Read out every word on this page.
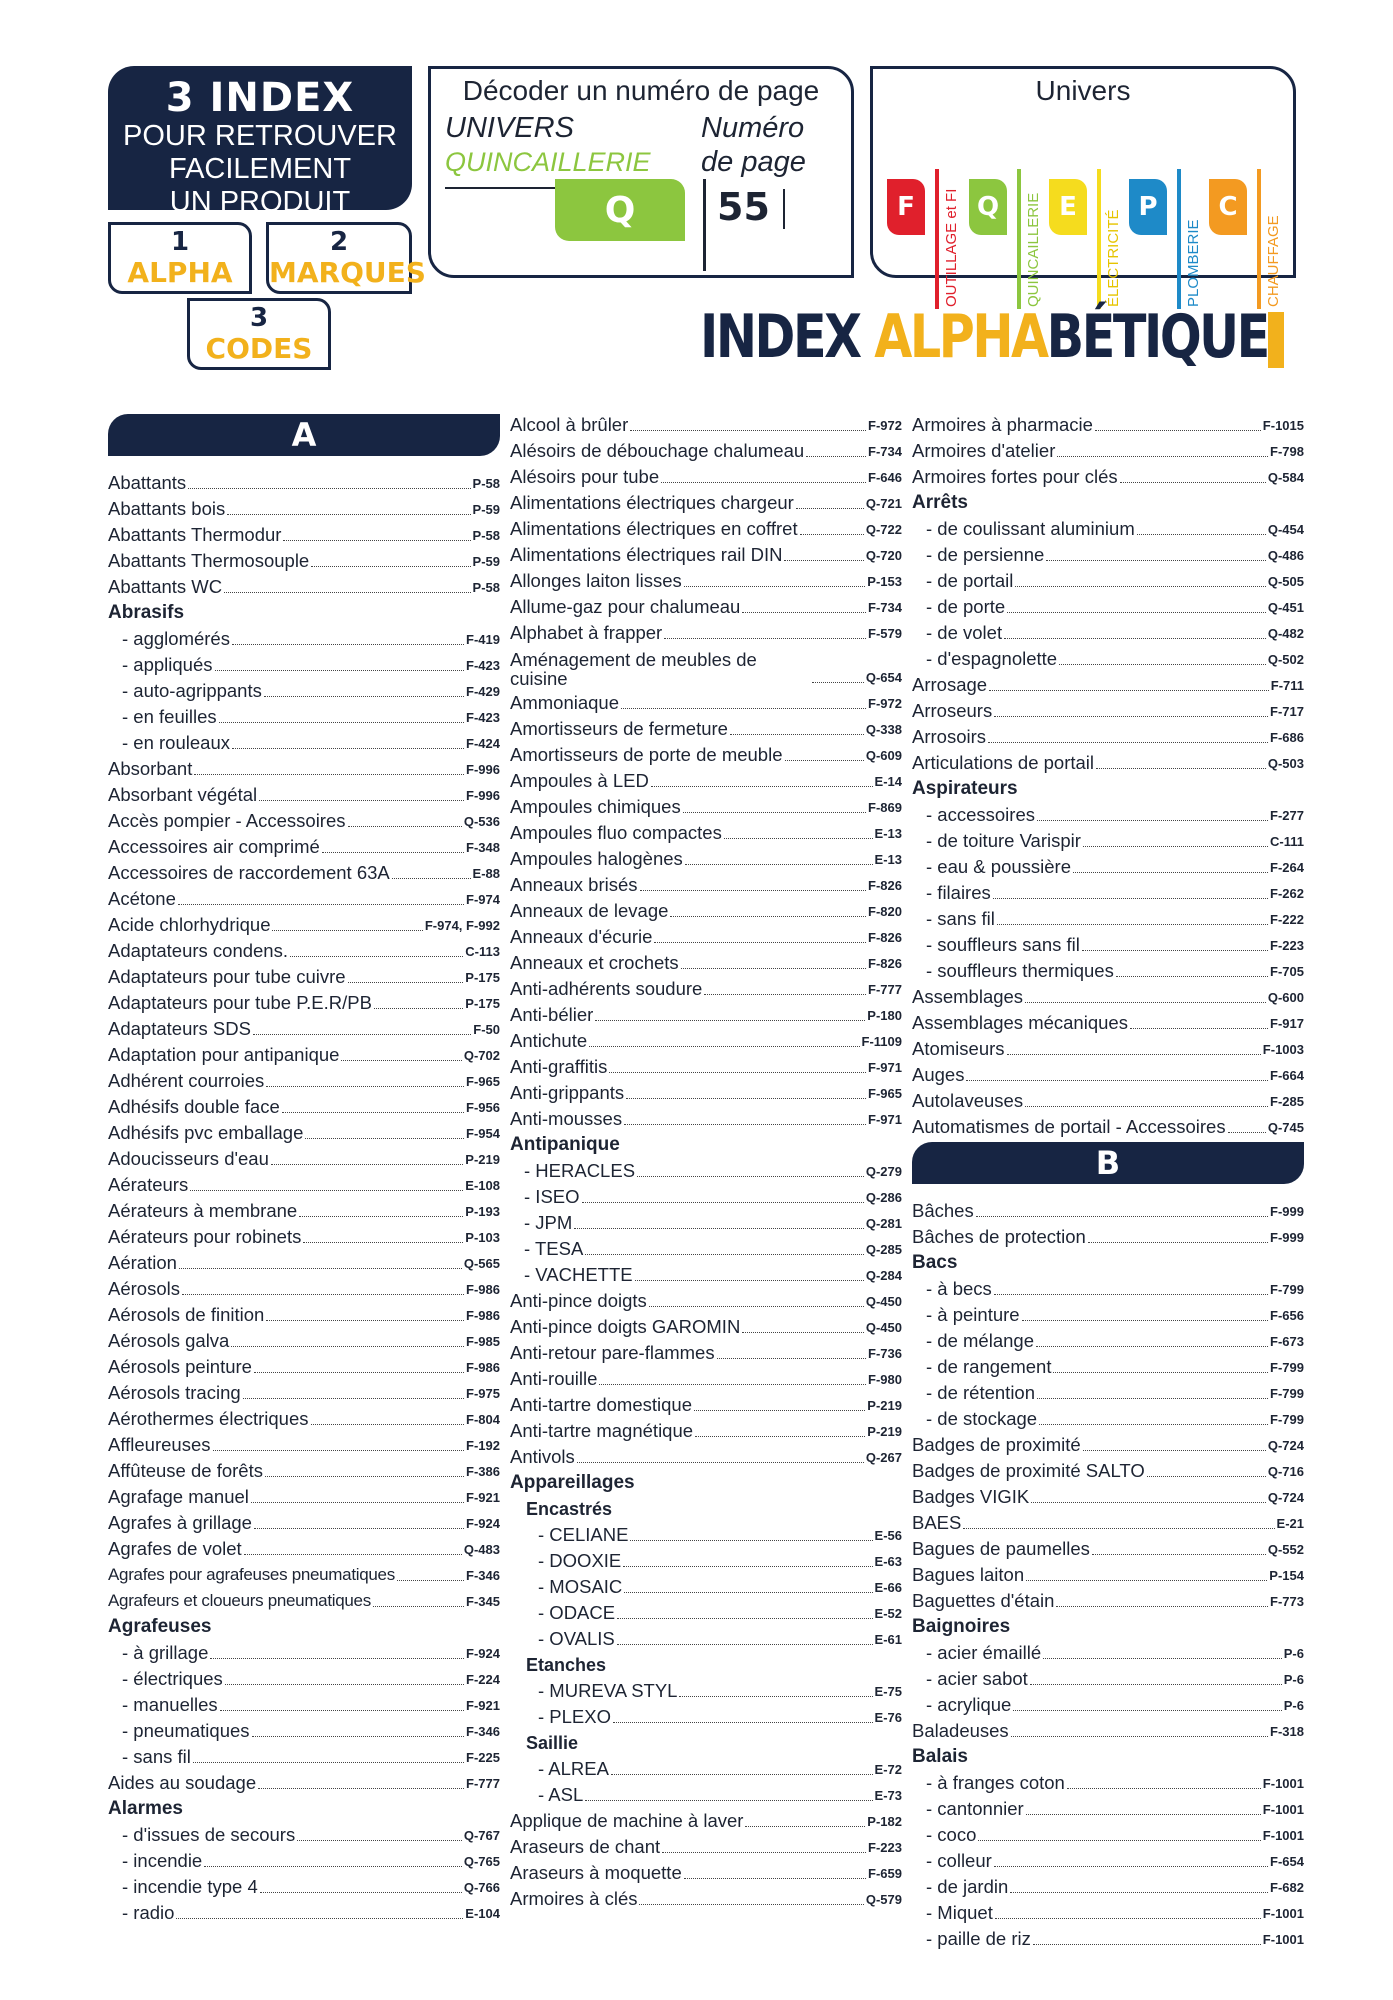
3 INDEX
POUR RETROUVER
FACILEMENT
UN PRODUIT
1
ALPHA
2
MARQUES
3
CODES
Décoder un numéro de page
UNIVERS
QUINCAILLERIE
Numéro
de page
Q	55
Univers
F	OUTILLAGE et FI Q	QUINCAILLERIE E
ÉLECTRICITÉ
P
PLOMBERIE
C
CHAUFFAGE
INDEX ALPHABÉTIQUE
A
Abattants	P-58
Abattants bois	P-59
Abattants Thermodur	P-58
Abattants Thermosouple	P-59
Abattants WC	P-58
Abrasifs
- agglomérés	F-419
- appliqués	F-423
- auto-agrippants	F-429
- en feuilles	F-423
- en rouleaux	F-424
Absorbant	F-996
Absorbant végétal	F-996
Accès pompier - Accessoires	Q-536
Accessoires air comprimé	F-348
Accessoires de raccordement 63A	E-88
Acétone	F-974
Acide chlorhydrique	F-974, F-992
Adaptateurs condens.	C-113
Adaptateurs pour tube cuivre	P-175
Adaptateurs pour tube P.E.R/PB	P-175
Adaptateurs SDS	F-50
Adaptation pour antipanique	Q-702
Adhérent courroies	F-965
Adhésifs double face	F-956
Adhésifs pvc emballage	F-954
Adoucisseurs d'eau	P-219
Aérateurs	E-108
Aérateurs à membrane	P-193
Aérateurs pour robinets	P-103
Aération	Q-565
Aérosols	F-986
Aérosols de finition	F-986
Aérosols galva	F-985
Aérosols peinture	F-986
Aérosols tracing	F-975
Aérothermes électriques	F-804
Affleureuses	F-192
Affûteuse de forêts	F-386
Agrafage manuel	F-921
Agrafes à grillage	F-924
Agrafes de volet	Q-483
Agrafes pour agrafeuses pneumatiques	F-346
Agrafeurs et cloueurs pneumatiques	F-345
Agrafeuses
- à grillage	F-924
- électriques	F-224
- manuelles	F-921
- pneumatiques	F-346
- sans fil	F-225
Aides au soudage	F-777
Alarmes
- d'issues de secours	Q-767
- incendie	Q-765
- incendie type 4	Q-766
- radio	E-104
Alcool à brûler	F-972
Alésoirs de débouchage chalumeau	F-734
Alésoirs pour tube	F-646
Alimentations électriques chargeur	Q-721
Alimentations électriques en coffret	Q-722
Alimentations électriques rail DIN	Q-720
Allonges laiton lisses	P-153
Allume-gaz pour chalumeau	F-734
Alphabet à frapper	F-579
Aménagement de meubles de cuisine	Q-654
Ammoniaque	F-972
Amortisseurs de fermeture	Q-338
Amortisseurs de porte de meuble	Q-609
Ampoules à LED	E-14
Ampoules chimiques	F-869
Ampoules fluo compactes	E-13
Ampoules halogènes	E-13
Anneaux brisés	F-826
Anneaux de levage	F-820
Anneaux d'écurie	F-826
Anneaux et crochets	F-826
Anti-adhérents soudure	F-777
Anti-bélier	P-180
Antichute	F-1109
Anti-graffitis	F-971
Anti-grippants	F-965
Anti-mousses	F-971
Antipanique
- HERACLES	Q-279
- ISEO	Q-286
- JPM	Q-281
- TESA	Q-285
- VACHETTE	Q-284
Anti-pince doigts	Q-450
Anti-pince doigts GAROMIN	Q-450
Anti-retour pare-flammes	F-736
Anti-rouille	F-980
Anti-tartre domestique	P-219
Anti-tartre magnétique	P-219
Antivols	Q-267
Appareillages
Encastrés
- CELIANE	E-56
- DOOXIE	E-63
- MOSAIC	E-66
- ODACE	E-52
- OVALIS	E-61
Etanches
- MUREVA STYL	E-75
- PLEXO	E-76
Saillie
- ALREA	E-72
- ASL	E-73
Applique de machine à laver	P-182
Araseurs de chant	F-223
Araseurs à moquette	F-659
Armoires à clés	Q-579
Armoires à pharmacie	F-1015
Armoires d'atelier	F-798
Armoires fortes pour clés	Q-584
Arrêts
- de coulissant aluminium	Q-454
- de persienne	Q-486
- de portail	Q-505
- de porte	Q-451
- de volet	Q-482
- d'espagnolette	Q-502
Arrosage	F-711
Arroseurs	F-717
Arrosoirs	F-686
Articulations de portail	Q-503
Aspirateurs
- accessoires	F-277
- de toiture Varispir	C-111
- eau & poussière	F-264
- filaires	F-262
- sans fil	F-222
- souffleurs sans fil	F-223
- souffleurs thermiques	F-705
Assemblages	Q-600
Assemblages mécaniques	F-917
Atomiseurs	F-1003
Auges	F-664
Autolaveuses	F-285
Automatismes de portail - Accessoires	Q-745
B
Bâches	F-999
Bâches de protection	F-999
Bacs
- à becs	F-799
- à peinture	F-656
- de mélange	F-673
- de rangement	F-799
- de rétention	F-799
- de stockage	F-799
Badges de proximité	Q-724
Badges de proximité SALTO	Q-716
Badges VIGIK	Q-724
BAES	E-21
Bagues de paumelles	Q-552
Bagues laiton	P-154
Baguettes d'étain	F-773
Baignoires
- acier émaillé	P-6
- acier sabot	P-6
- acrylique	P-6
Baladeuses	F-318
Balais
- à franges coton	F-1001
- cantonnier	F-1001
- coco	F-1001
- colleur	F-654
- de jardin	F-682
- Miquet	F-1001
- paille de riz	F-1001
